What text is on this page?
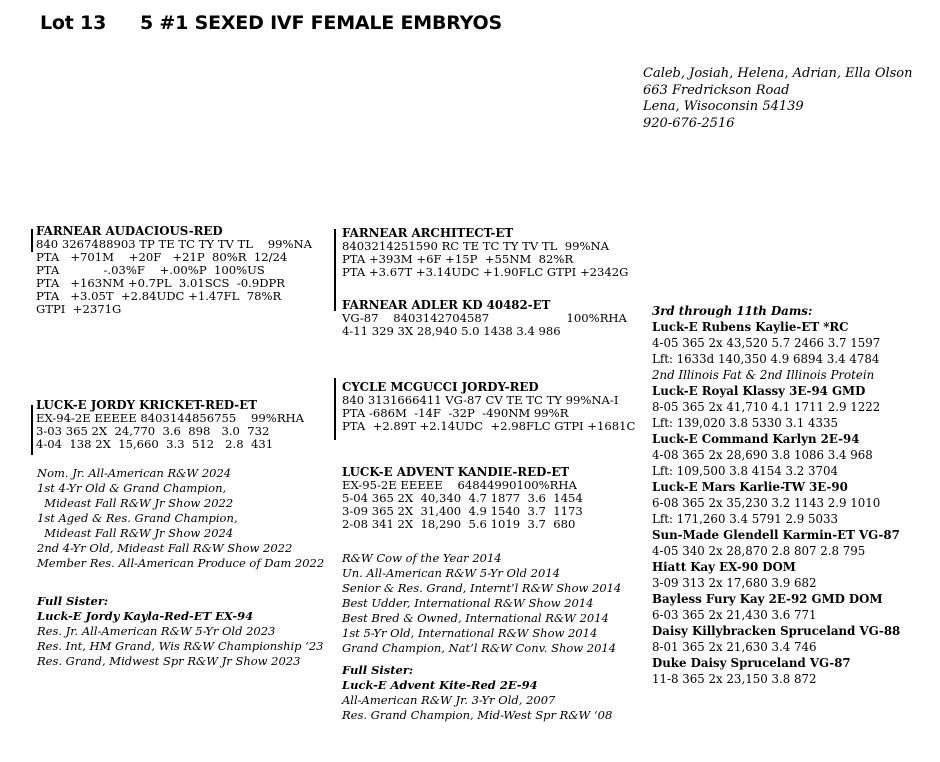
Lot 13 5 #1 SEXED IVF FEMALE EMBRYOS
Caleb, Josiah, Helena, Adrian, Ella Olson
663 Fredrickson Road
Lena, Wisoconsin 54139
920-676-2516
FARNEAR AUDACIOUS-RED
840 3267488903 TP TE TC TY TV TL    99%NA
PTA   +701M    +20F   +21P  80%R  12/24
PTA            -.03%F    +.00%P  100%US
PTA   +163NM +0.7PL  3.01SCS  -0.9DPR
PTA   +3.05T  +2.84UDC +1.47FL  78%R
GTPI  +2371G
FARNEAR ARCHITECT-ET
8403214251590 RC TE TC TY TV TL  99%NA
PTA +393M +6F +15P  +55NM  82%R
PTA +3.67T +3.14UDC +1.90FLC GTPI +2342G
FARNEAR ADLER KD 40482-ET
VG-87    8403142704587                     100%RHA
4-11 329 3X 28,940 5.0 1438 3.4 986
LUCK-E JORDY KRICKET-RED-ET
EX-94-2E EEEEE 8403144856755    99%RHA
3-03 365 2X  24,770  3.6  898   3.0  732
4-04  138 2X  15,660  3.3  512   2.8  431
CYCLE MCGUCCI JORDY-RED
840 3131666411 VG-87 CV TE TC TY 99%NA-I
PTA -686M  -14F  -32P  -490NM 99%R
PTA  +2.89T +2.14UDC  +2.98FLC GTPI +1681C
LUCK-E ADVENT KANDIE-RED-ET
EX-95-2E EEEEE    64844990100%RHA
5-04 365 2X  40,340  4.7 1877  3.6  1454
3-09 365 2X  31,400  4.9 1540  3.7  1173
2-08 341 2X  18,290  5.6 1019  3.7  680
Nom. Jr. All-American R&W 2024
1st 4-Yr Old & Grand Champion,
Mideast Fall R&W Jr Show 2022
1st Aged & Res. Grand Champion,
Mideast Fall R&W Jr Show 2024
2nd 4-Yr Old, Mideast Fall R&W Show 2022
Member Res. All-American Produce of Dam 2022
Full Sister:
Luck-E Jordy Kayla-Red-ET EX-94
Res. Jr. All-American R&W 5-Yr Old 2023
Res. Int, HM Grand, Wis R&W Championship ‘23
Res. Grand, Midwest Spr R&W Jr Show 2023
R&W Cow of the Year 2014
Un. All-American R&W 5-Yr Old 2014
Senior & Res. Grand, Internt’l R&W Show 2014
Best Udder, International R&W Show 2014
Best Bred & Owned, International R&W 2014
1st 5-Yr Old, International R&W Show 2014
Grand Champion, Nat’l R&W Conv. Show 2014
Full Sister:
Luck-E Advent Kite-Red 2E-94
All-American R&W Jr. 3-Yr Old, 2007
Res. Grand Champion, Mid-West Spr R&W ‘08
3rd through 11th Dams:
Luck-E Rubens Kaylie-ET *RC
4-05 365 2x 43,520 5.7 2466 3.7 1597
Lft: 1633d 140,350 4.9 6894 3.4 4784
2nd Illinois Fat & 2nd Illinois Protein
Luck-E Royal Klassy 3E-94 GMD
8-05 365 2x 41,710 4.1 1711 2.9 1222
Lft: 139,020 3.8 5330 3.1 4335
Luck-E Command Karlyn 2E-94
4-08 365 2x 28,690 3.8 1086 3.4 968
Lft: 109,500 3.8 4154 3.2 3704
Luck-E Mars Karlie-TW 3E-90
6-08 365 2x 35,230 3.2 1143 2.9 1010
Lft: 171,260 3.4 5791 2.9 5033
Sun-Made Glendell Karmin-ET VG-87
4-05 340 2x 28,870 2.8 807 2.8 795
Hiatt Kay EX-90 DOM
3-09 313 2x 17,680 3.9 682
Bayless Fury Kay 2E-92 GMD DOM
6-03 365 2x 21,430 3.6 771
Daisy Killybracken Spruceland VG-88
8-01 365 2x 21,630 3.4 746
Duke Daisy Spruceland VG-87
11-8 365 2x 23,150 3.8 872
